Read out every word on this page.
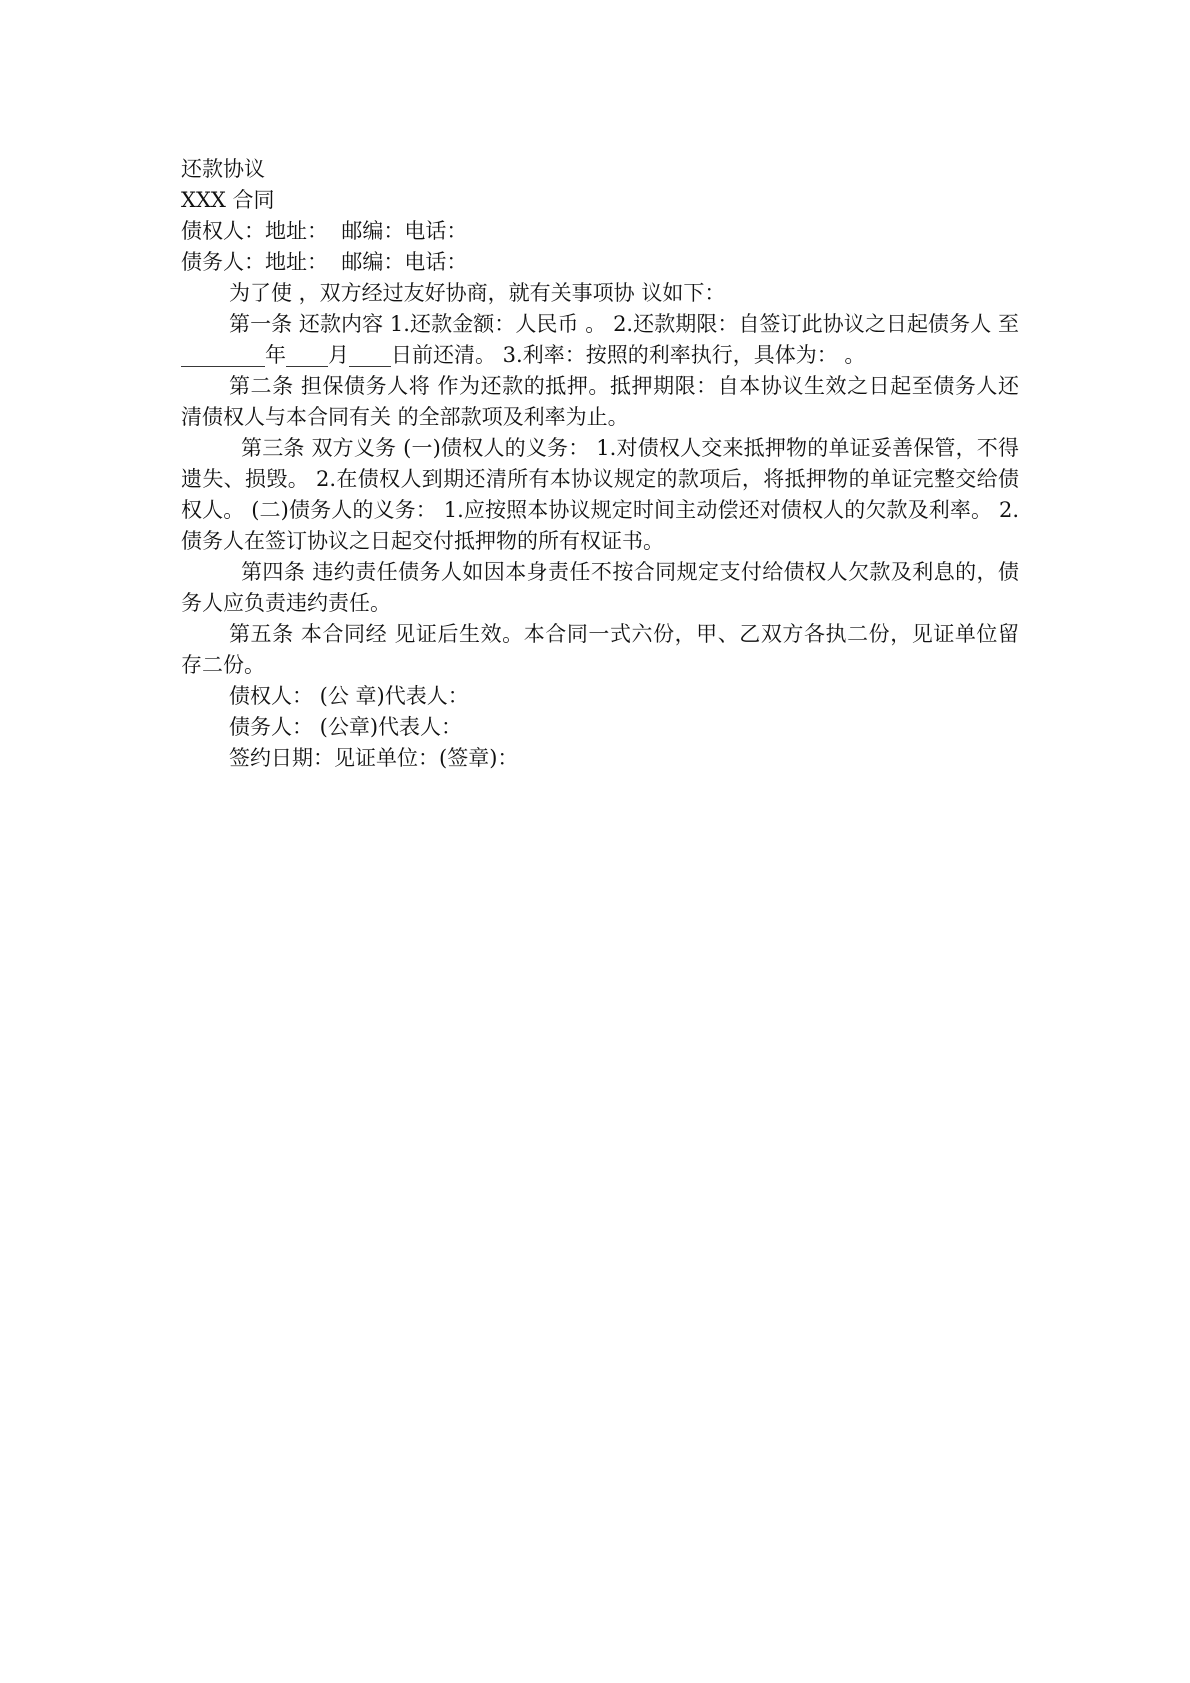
还款协议

XXX 合同

债权人：地址：  邮编：电话：

债务人：地址：  邮编：电话：

为了使 ，双方经过友好协商，就有关事项协 议如下：

第一条 还款内容 1.还款金额：人民币 。 2.还款期限：自签订此协议之日起债务人 至________年____月____日前还清。 3.利率：按照的利率执行，具体为： 。

第二条 担保债务人将 作为还款的抵押。抵押期限：自本协议生效之日起至债务人还清债权人与本合同有关 的全部款项及利率为止。

第三条 双方义务 (一)债权人的义务： 1.对债权人交来抵押物的单证妥善保管，不得遗失、损毁。 2.在债权人到期还清所有本协议规定的款项后，将抵押物的单证完整交给债权人。 (二)债务人的义务： 1.应按照本协议规定时间主动偿还对债权人的欠款及利率。 2.债务人在签订协议之日起交付抵押物的所有权证书。

第四条 违约责任债务人如因本身责任不按合同规定支付给债权人欠款及利息的，债务人应负责违约责任。

第五条 本合同经 见证后生效。本合同一式六份，甲、乙双方各执二份，见证单位留存二份。

债权人： (公 章)代表人：

债务人： (公章)代表人：

签约日期：见证单位：(签章)：
